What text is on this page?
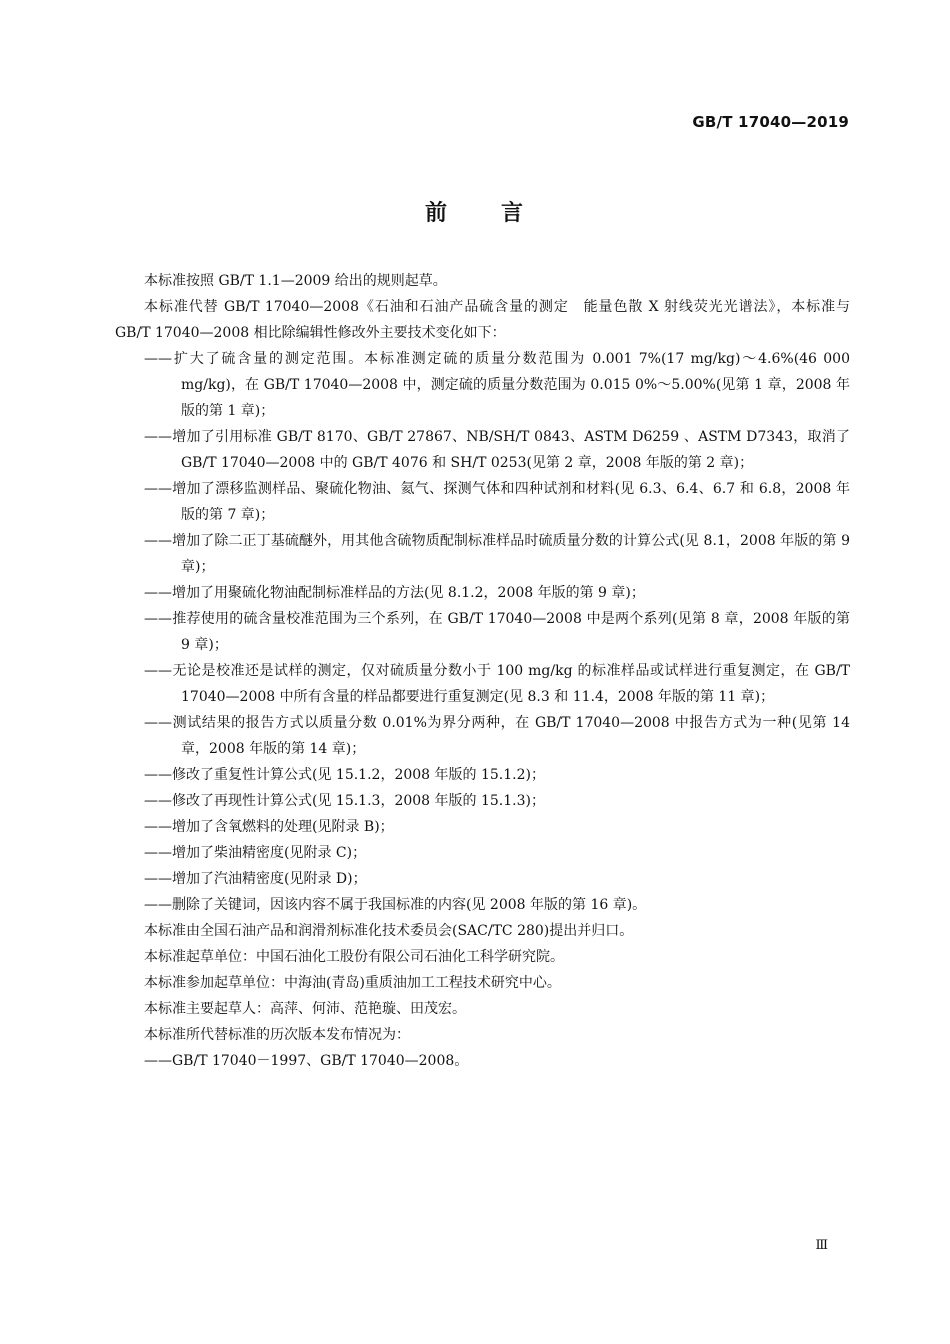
GB/T 17040—2019
前 言
本标准按照 GB/T 1.1—2009 给出的规则起草。
本标准代替 GB/T 17040—2008《石油和石油产品硫含量的测定　能量色散 X 射线荧光光谱法》，本标准与 GB/T 17040—2008 相比除编辑性修改外主要技术变化如下：
——扩大了硫含量的测定范围。本标准测定硫的质量分数范围为 0.001 7%(17 mg/kg)～4.6%(46 000 mg/kg)，在 GB/T 17040—2008 中，测定硫的质量分数范围为 0.015 0%～5.00%(见第 1 章，2008 年版的第 1 章)；
——增加了引用标准 GB/T 8170、GB/T 27867、NB/SH/T 0843、ASTM D6259 、ASTM D7343，取消了 GB/T 17040—2008 中的 GB/T 4076 和 SH/T 0253(见第 2 章，2008 年版的第 2 章)；
——增加了漂移监测样品、聚硫化物油、氦气、探测气体和四种试剂和材料(见 6.3、6.4、6.7 和 6.8，2008 年版的第 7 章)；
——增加了除二正丁基硫醚外，用其他含硫物质配制标准样品时硫质量分数的计算公式(见 8.1，2008 年版的第 9 章)；
——增加了用聚硫化物油配制标准样品的方法(见 8.1.2，2008 年版的第 9 章)；
——推荐使用的硫含量校准范围为三个系列，在 GB/T 17040—2008 中是两个系列(见第 8 章，2008 年版的第 9 章)；
——无论是校准还是试样的测定，仅对硫质量分数小于 100 mg/kg 的标准样品或试样进行重复测定，在 GB/T 17040—2008 中所有含量的样品都要进行重复测定(见 8.3 和 11.4，2008 年版的第 11 章)；
——测试结果的报告方式以质量分数 0.01%为界分两种，在 GB/T 17040—2008 中报告方式为一种(见第 14 章，2008 年版的第 14 章)；
——修改了重复性计算公式(见 15.1.2，2008 年版的 15.1.2)；
——修改了再现性计算公式(见 15.1.3，2008 年版的 15.1.3)；
——增加了含氧燃料的处理(见附录 B)；
——增加了柴油精密度(见附录 C)；
——增加了汽油精密度(见附录 D)；
——删除了关键词，因该内容不属于我国标准的内容(见 2008 年版的第 16 章)。
本标准由全国石油产品和润滑剂标准化技术委员会(SAC/TC 280)提出并归口。
本标准起草单位：中国石油化工股份有限公司石油化工科学研究院。
本标准参加起草单位：中海油(青岛)重质油加工工程技术研究中心。
本标准主要起草人：高萍、何沛、范艳璇、田茂宏。
本标准所代替标准的历次版本发布情况为：
——GB/T 17040－1997、GB/T 17040—2008。
Ⅲ
